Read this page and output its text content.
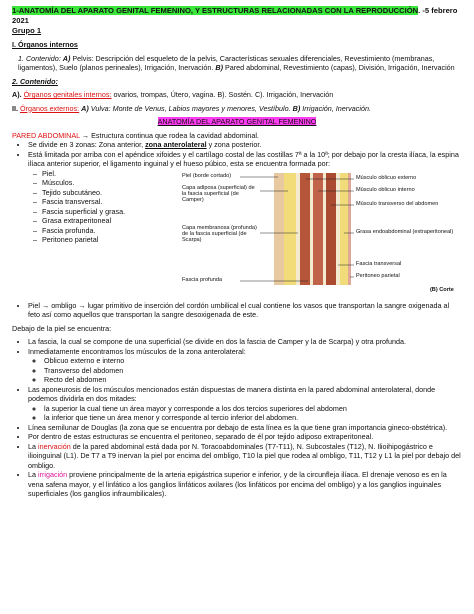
1-ANATOMÍA DEL APARATO GENITAL FEMENINO, Y ESTRUCTURAS RELACIONADAS CON LA REPRODUCCIÓN. -5 febrero 2021

Grupo 1

I. Órganos internos

1. Contenido: A) Pelvis: Descripción del esqueleto de la pelvis, Características sexuales diferenciales, Revestimiento (membranas, ligamentos), Suelo (planos perineales), Irrigación, Inervación. B) Pared abdominal, Revestimiento (capas), División, Irrigación, Inervación

2. Contenido:

A). Órganos genitales internos: ovarios, trompas, Útero, vagina. B). Sostén. C). Irrigación, Inervación

II. Órganos externos: A) Vulva: Monte de Venus, Labios mayores y menores, Vestíbulo. B) Irrigación, Inervación.

ANATOMÍA DEL APARATO GENITAL FEMENINO

PARED ABDOMINAL → Estructura continua que rodea la cavidad abdominal.

• Se divide en 3 zonas: Zona anterior, zona anterolateral y zona posterior.
• Está limitada por arriba con el apéndice xifoides y el cartílago costal de las costillas 7ª a la 10ª; por debajo por la cresta ilíaca, la espina ilíaca anterior superior, el ligamento inguinal y el hueso púbico, esta se encuentra formada por:
– Piel.
– Músculos.
– Tejido subcutáneo.
– Fascia transversal.
– Fascia superficial y grasa.
– Grasa extraperitoneal
– Fascia profunda.
– Peritoneo parietal
Piel (borde cortado)
Capa adiposa (superficial) de la fascia superficial (de Camper)
Capa membranosa (profunda) de la fascia superficial (de Scarpa)
Fascia profunda
Músculo oblicuo externo
Músculo oblicuo interno
Músculo transverso del abdomen
Grasa endoabdominal (extraperitoneal)
Fascia transversal
Peritoneo parietal
(B) Corte
• Piel → ombligo → lugar primitivo de inserción del cordón umbilical el cual contiene los vasos que transportan la sangre oxigenada al feto así como aquellos que transportan la sangre desoxigenada de este.

Debajo de la piel se encuentra:

• La fascia, la cual se compone de una superficial (se divide en dos la fascia de Camper y la de Scarpa) y otra profunda.
• Inmediatamente encontramos los músculos de la zona anterolateral:
◦ Oblicuo externo e interno
◦ Transverso del abdomen
◦ Recto del abdomen
• Las aponeurosis de los músculos mencionados están dispuestas de manera distinta en la pared abdominal anterolateral, donde podemos dividirla en dos mitades:
◦ la superior la cual tiene un área mayor y corresponde a los dos tercios superiores del abdomen
◦ la inferior que tiene un área menor y corresponde al tercio inferior del abdomen.
• Línea semilunar de Douglas (la zona que se encuentra por debajo de esta línea es la que tiene gran importancia gineco-obstétrica).
• Por dentro de estas estructuras se encuentra el peritoneo, separado de él por tejido adiposo extraperitoneal.
• La inervación de la pared abdominal está dada por N. Toracoabdominales (T7-T11), N. Subcostales (T12), N. Ilioihipogástrico e ilioinguinal (L1). De T7 a T9 inervan la piel por encima del ombligo, T10 la piel que rodea al ombligo, T11, T12 y L1 la piel por debajo del ombligo.
• La irrigación proviene principalmente de la arteria epigástrica superior e inferior, y de la circunfleja ilíaca. El drenaje venoso es en la vena safena mayor, y el linfático a los ganglios linfáticos axilares (los linfáticos por encima del ombligo) y a los ganglios inguinales superficiales (los ganglios infraumbilicales).
